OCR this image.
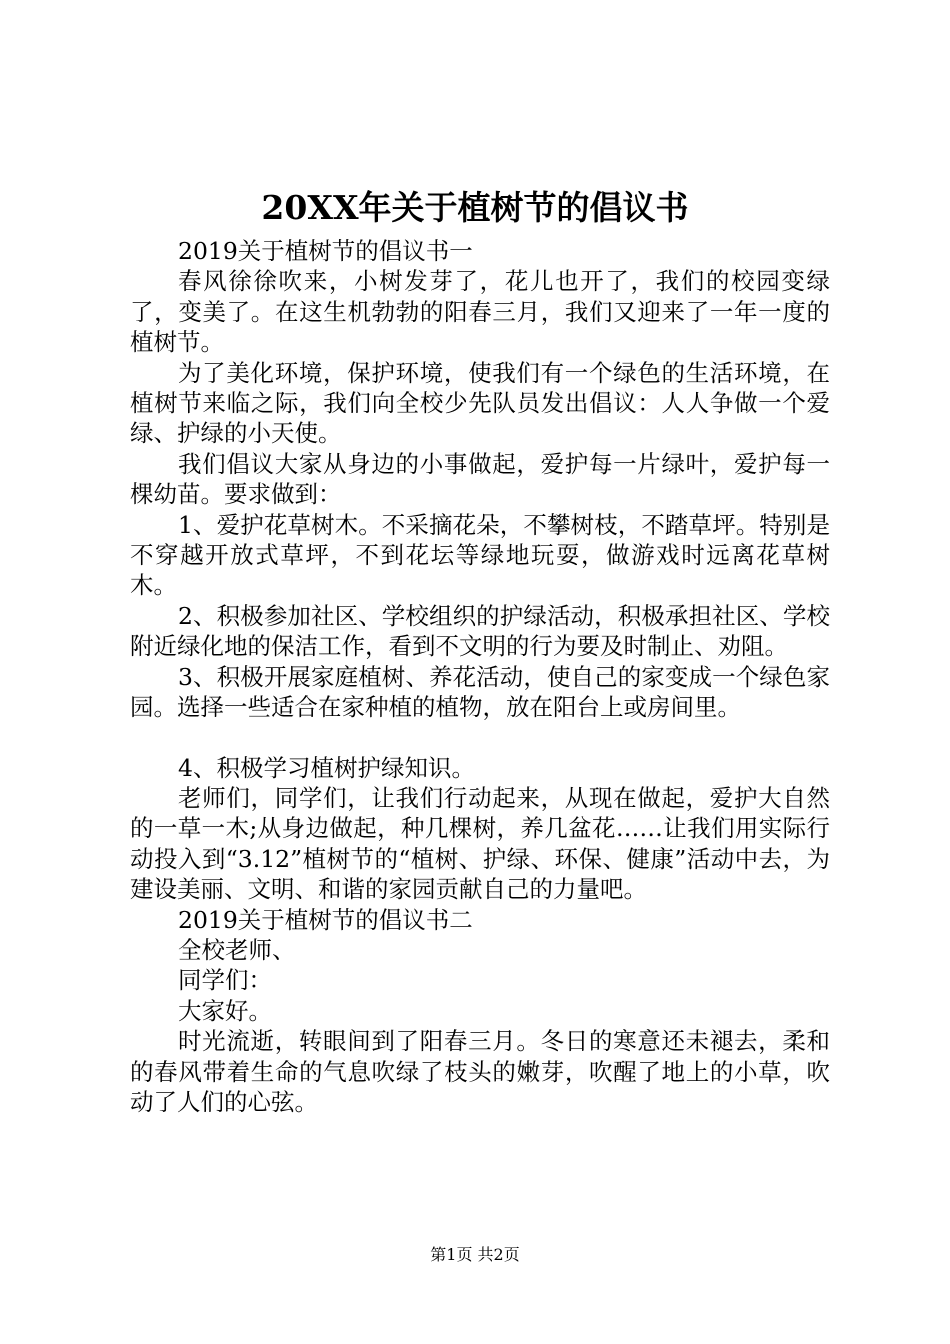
20XX年关于植树节的倡议书

2019关于植树节的倡议书一

春风徐徐吹来，小树发芽了，花儿也开了，我们的校园变绿了，变美了。在这生机勃勃的阳春三月，我们又迎来了一年一度的植树节。

为了美化环境，保护环境，使我们有一个绿色的生活环境，在植树节来临之际，我们向全校少先队员发出倡议：人人争做一个爱绿、护绿的小天使。

我们倡议大家从身边的小事做起，爱护每一片绿叶，爱护每一棵幼苗。要求做到：

1、爱护花草树木。不采摘花朵，不攀树枝，不踏草坪。特别是不穿越开放式草坪，不到花坛等绿地玩耍，做游戏时远离花草树木。

2、积极参加社区、学校组织的护绿活动，积极承担社区、学校附近绿化地的保洁工作，看到不文明的行为要及时制止、劝阻。

3、积极开展家庭植树、养花活动，使自己的家变成一个绿色家园。选择一些适合在家种植的植物，放在阳台上或房间里。

4、积极学习植树护绿知识。

老师们，同学们，让我们行动起来，从现在做起，爱护大自然的一草一木;从身边做起，种几棵树，养几盆花……让我们用实际行动投入到“3.12”植树节的“植树、护绿、环保、健康”活动中去，为建设美丽、文明、和谐的家园贡献自己的力量吧。

2019关于植树节的倡议书二

全校老师、

同学们：

大家好。

时光流逝，转眼间到了阳春三月。冬日的寒意还未褪去，柔和的春风带着生命的气息吹绿了枝头的嫩芽，吹醒了地上的小草，吹动了人们的心弦。

第1页 共2页
